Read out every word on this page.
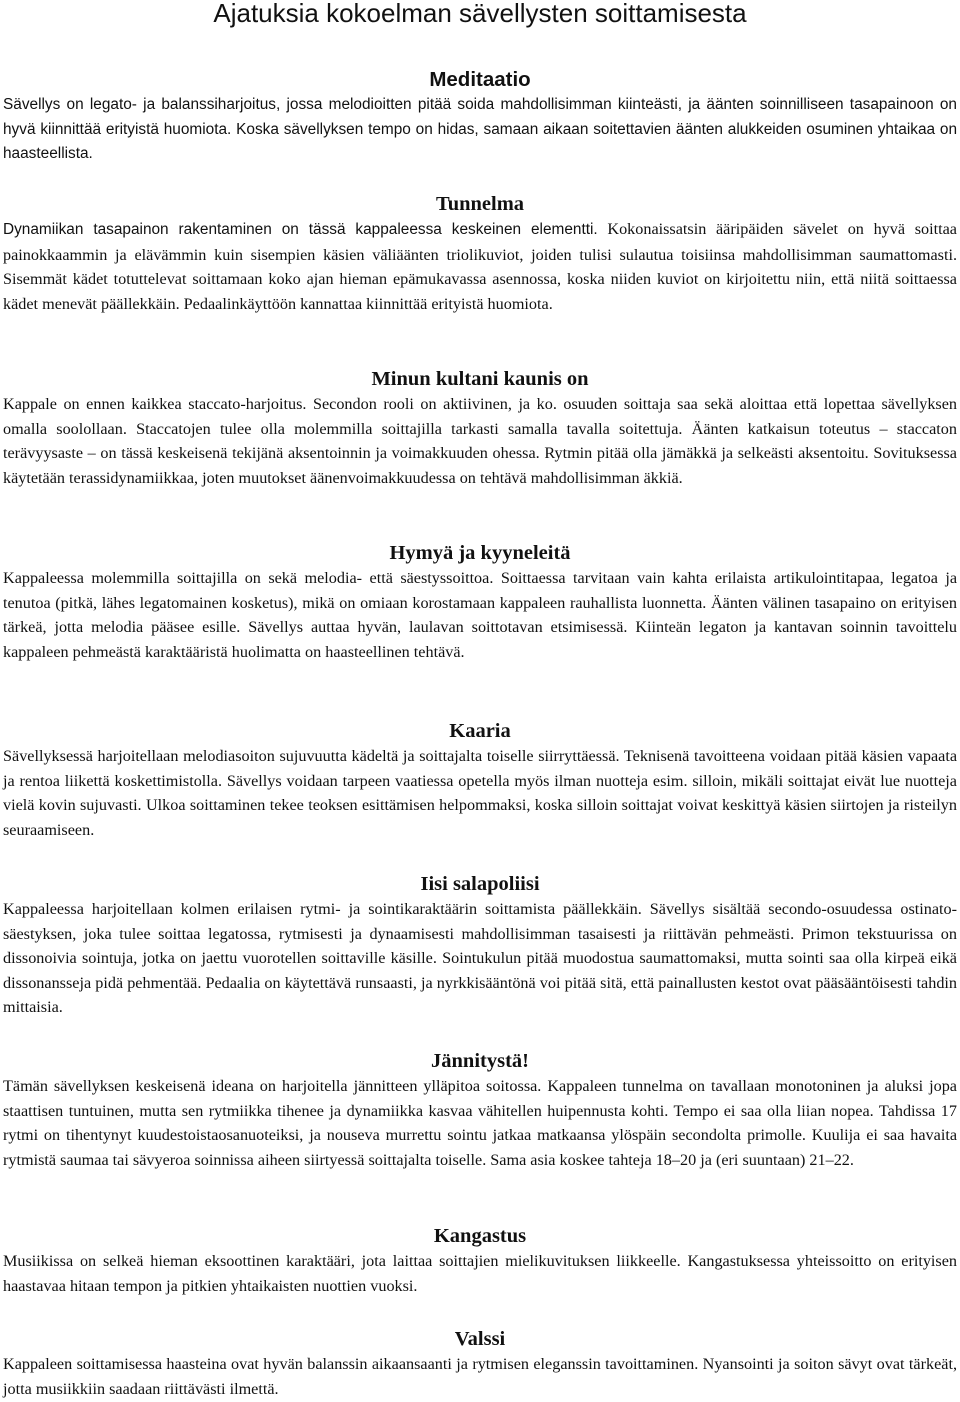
Ajatuksia kokoelman sävellysten soittamisesta
Meditaatio

Sävellys on legato- ja balanssiharjoitus, jossa melodioitten pitää soida mahdollisimman kiinteästi, ja äänten soinnilliseen tasapainoon on hyvä kiinnittää erityistä huomiota. Koska sävellyksen tempo on hidas, samaan aikaan soitettavien äänten alukkeiden osuminen yhtaikaa on haasteellista.

Tunnelma

Dynamiikan tasapainon rakentaminen on tässä kappaleessa keskeinen elementti. Kokonaissatsin ääripäiden sävelet on hyvä soittaa painokkaammin ja elävämmin kuin sisempien käsien väliäänten triolikuviot, joiden tulisi sulautua toisiinsa mahdollisimman saumattomasti. Sisemmät kädet totuttelevat soittamaan koko ajan hieman epämukavassa asennossa, koska niiden kuviot on kirjoitettu niin, että niitä soittaessa kädet menevät päällekkäin. Pedaalinkäyttöön kannattaa kiinnittää erityistä huomiota.

Minun kultani kaunis on

Kappale on ennen kaikkea staccato-harjoitus. Secondon rooli on aktiivinen, ja ko. osuuden soittaja saa sekä aloittaa että lopettaa sävellyksen omalla soolollaan. Staccatojen tulee olla molemmilla soittajilla tarkasti samalla tavalla soitettuja. Äänten katkaisun toteutus – staccaton terävyysaste – on tässä keskeisenä tekijänä aksentoinnin ja voimakkuuden ohessa. Rytmin pitää olla jämäkkä ja selkeästi aksentoitu. Sovituksessa käytetään terassidynamiikkaa, joten muutokset äänenvoimakkuudessa on tehtävä mahdollisimman äkkiä.

Hymyä ja kyyneleitä

Kappaleessa molemmilla soittajilla on sekä melodia- että säestyssoittoa. Soittaessa tarvitaan vain kahta erilaista artikulointitapaa, legatoa ja tenutoa (pitkä, lähes legatomainen kosketus), mikä on omiaan korostamaan kappaleen rauhallista luonnetta. Äänten välinen tasapaino on erityisen tärkeä, jotta melodia pääsee esille. Sävellys auttaa hyvän, laulavan soittotavan etsimisessä. Kiinteän legaton ja kantavan soinnin tavoittelu kappaleen pehmeästä karaktääristä huolimatta on haasteellinen tehtävä.

Kaaria

Sävellyksessä harjoitellaan melodiasoiton sujuvuutta kädeltä ja soittajalta toiselle siirryttäessä. Teknisenä tavoitteena voidaan pitää käsien vapaata ja rentoa liikettä koskettimistolla. Sävellys voidaan tarpeen vaatiessa opetella myös ilman nuotteja esim. silloin, mikäli soittajat eivät lue nuotteja vielä kovin sujuvasti. Ulkoa soittaminen tekee teoksen esittämisen helpommaksi, koska silloin soittajat voivat keskittyä käsien siirtojen ja risteilyn seuraamiseen.

Iisi salapoliisi

Kappaleessa harjoitellaan kolmen erilaisen rytmi- ja sointikaraktäärin soittamista päällekkäin. Sävellys sisältää secondo-osuudessa ostinato-säestyksen, joka tulee soittaa legatossa, rytmisesti ja dynaamisesti mahdollisimman tasaisesti ja riittävän pehmeästi. Primon tekstuurissa on dissonoivia sointuja, jotka on jaettu vuorotellen soittaville käsille. Sointukulun pitää muodostua saumattomaksi, mutta sointi saa olla kirpeä eikä dissonansseja pidä pehmentää. Pedaalia on käytettävä runsaasti, ja nyrkkisääntönä voi pitää sitä, että painallusten kestot ovat pääsääntöisesti tahdin mittaisia.

Jännitystä!

Tämän sävellyksen keskeisenä ideana on harjoitella jännitteen ylläpitoa soitossa. Kappaleen tunnelma on tavallaan monotoninen ja aluksi jopa staattisen tuntuinen, mutta sen rytmiikka tihenee ja dynamiikka kasvaa vähitellen huipennusta kohti. Tempo ei saa olla liian nopea. Tahdissa 17 rytmi on tihentynyt kuudestoistaosanuoteiksi, ja nouseva murrettu sointu jatkaa matkaansa ylöspäin secondolta primolle. Kuulija ei saa havaita rytmistä saumaa tai sävyeroa soinnissa aiheen siirtyessä soittajalta toiselle. Sama asia koskee tahteja 18–20 ja (eri suuntaan) 21–22.

Kangastus

Musiikissa on selkeä hieman eksoottinen karaktääri, jota laittaa soittajien mielikuvituksen liikkeelle. Kangastuksessa yhteissoitto on erityisen haastavaa hitaan tempon ja pitkien yhtaikaisten nuottien vuoksi.

Valssi

Kappaleen soittamisessa haasteina ovat hyvän balanssin aikaansaanti ja rytmisen eleganssin tavoittaminen. Nyansointi ja soiton sävyt ovat tärkeät, jotta musiikkiin saadaan riittävästi ilmettä.
